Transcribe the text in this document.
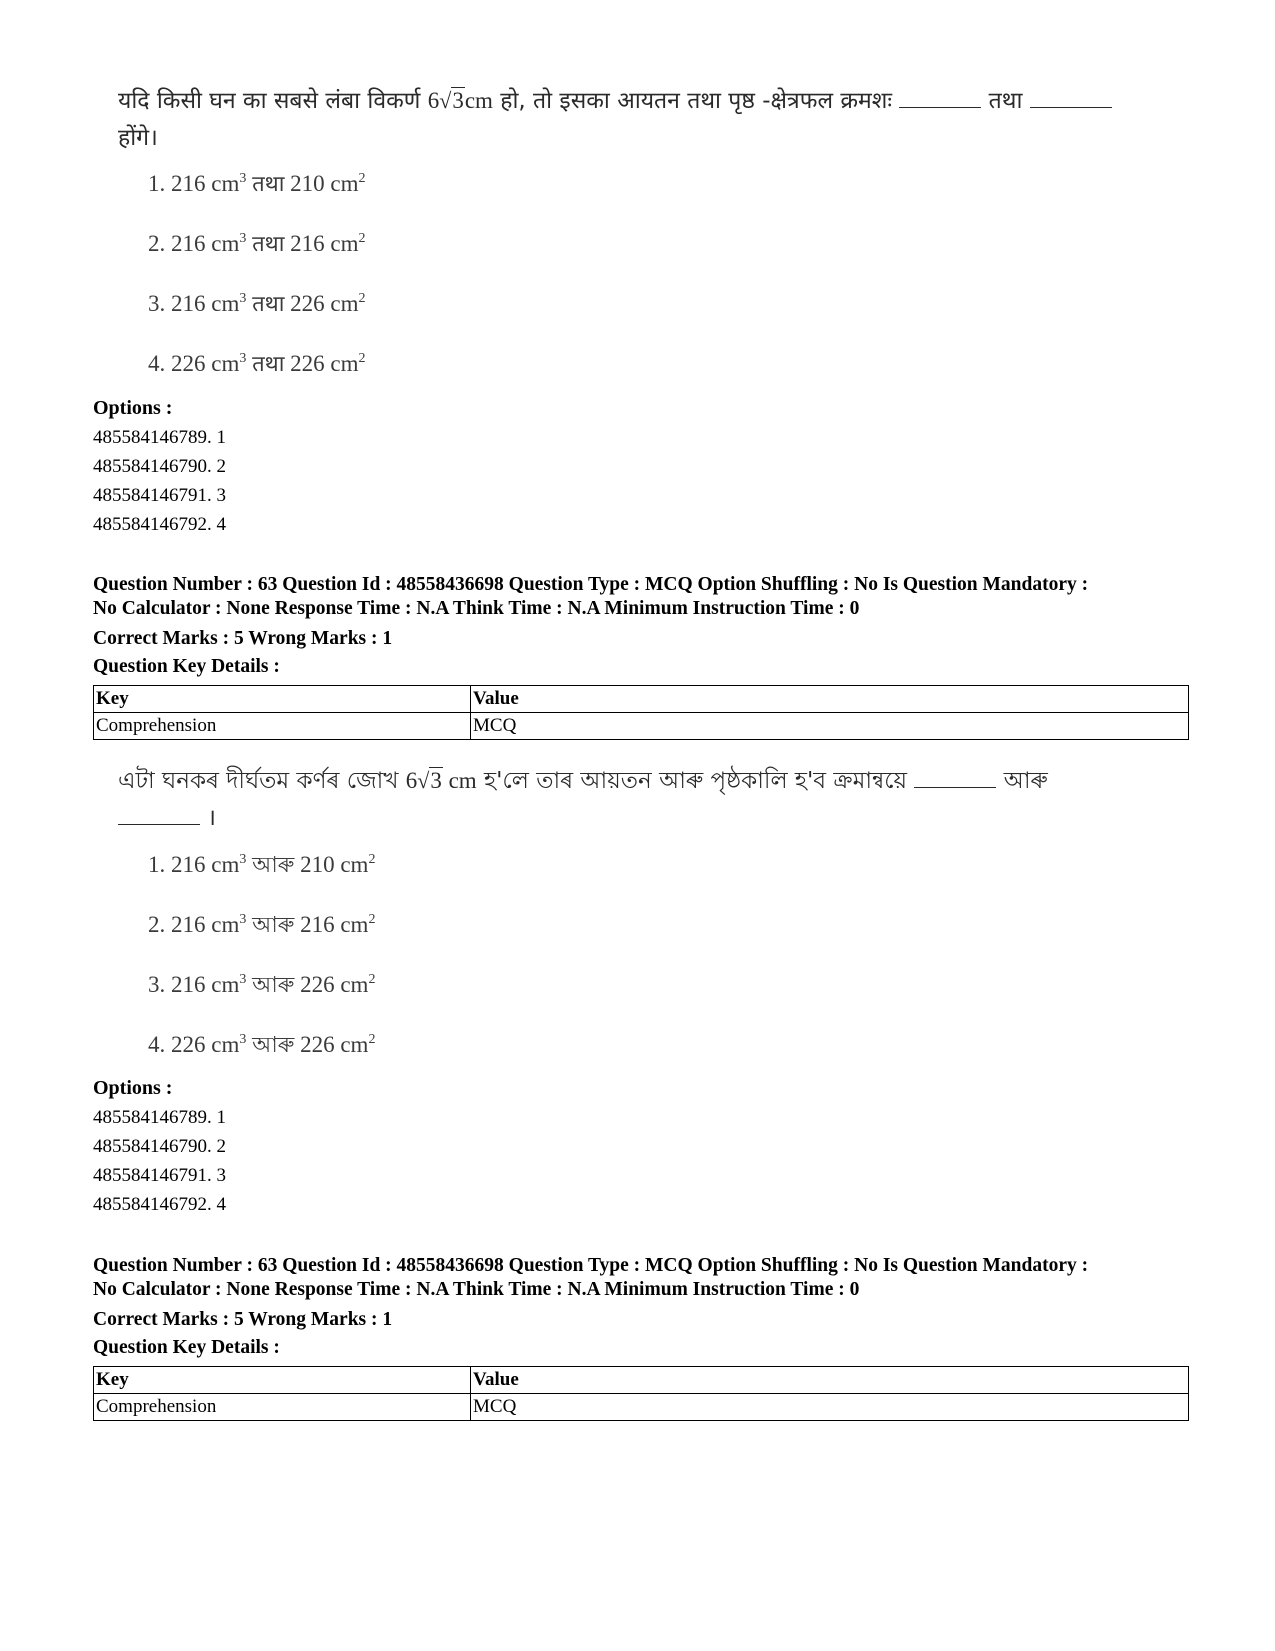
यदि किसी घन का सबसे लंबा विकर्ण 6√3cm हो, तो इसका आयतन तथा पृष्ठ -क्षेत्रफल क्रमशः	तथा
होंगे।

1. 216 $cm^3$ तथा 210 $cm^2$
2. 216 $cm^3$ तथा 216 $cm^2$
3. 216 $cm^3$ तथा 226 $cm^2$
4. 226 $cm^3$ तथा 226 $cm^2$
Options :
485584146789. 1
485584146790. 2
485584146791. 3
485584146792. 4
Question Number : 63 Question Id : 48558436698 Question Type : MCQ Option Shuffling : No Is Question Mandatory :
No Calculator : None Response Time : N.A Think Time : N.A Minimum Instruction Time : 0
Correct Marks : 5 Wrong Marks : 1
Question Key Details :
Key	Value
Comprehension	MCQ

এটা ঘনকৰ দীৰ্ঘতম কৰ্ণৰ জোখ 6√3 cm হ'লে তাৰ আয়তন আৰু পৃষ্ঠকালি হ'ব ক্ৰমান্বয়ে	আৰু
।

1. 216 $cm^3$ আৰু 210 $cm^2$
2. 216 $cm^3$ আৰু 216 $cm^2$
3. 216 $cm^3$ আৰু 226 $cm^2$
4. 226 $cm^3$ আৰু 226 $cm^2$
Options :
485584146789. 1
485584146790. 2
485584146791. 3
485584146792. 4
Question Number : 63 Question Id : 48558436698 Question Type : MCQ Option Shuffling : No Is Question Mandatory :
No Calculator : None Response Time : N.A Think Time : N.A Minimum Instruction Time : 0
Correct Marks : 5 Wrong Marks : 1
Question Key Details :
Key	Value
Comprehension	MCQ
